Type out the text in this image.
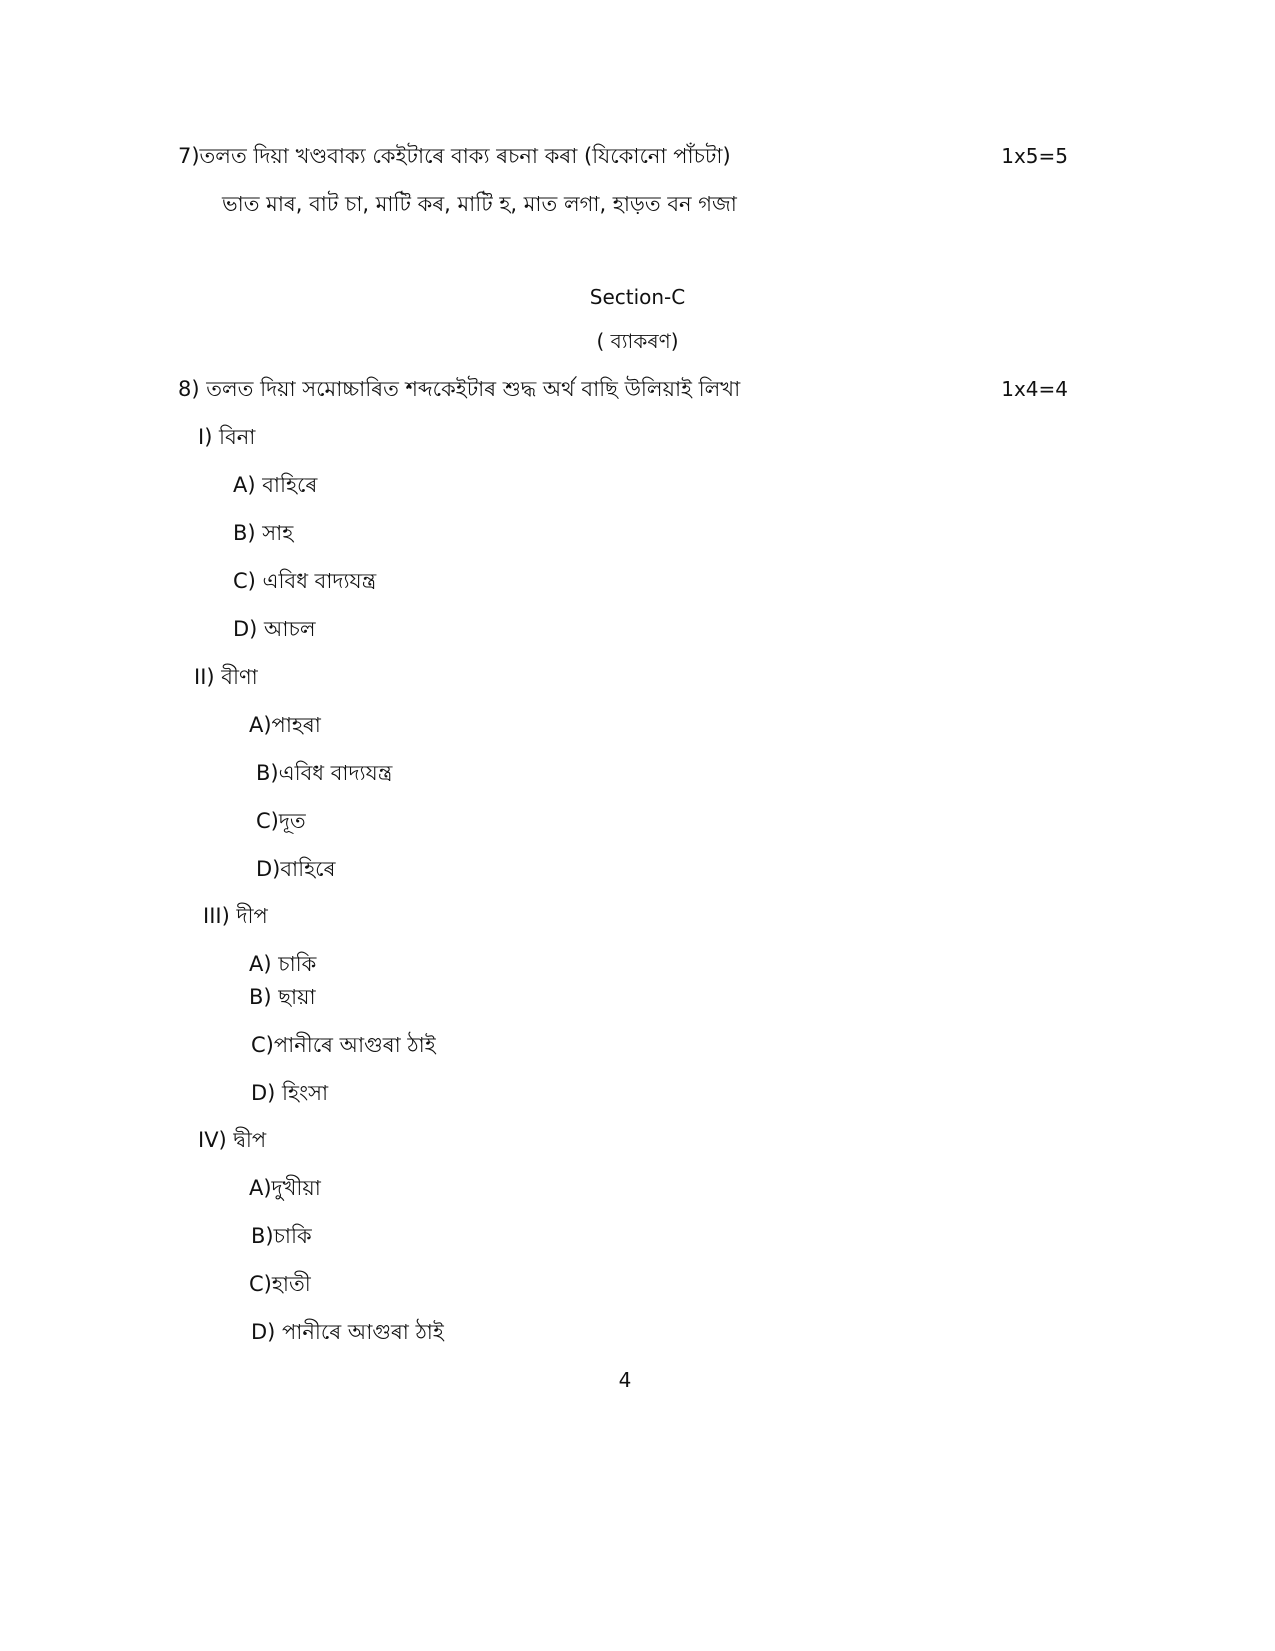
7)তলত দিয়া খণ্ডবাক্য কেইটাৰে বাক্য ৰচনা কৰা (যিকোনো পাঁচটা)	1x5=5
ভাত মাৰ, বাট চা, মাটি কৰ, মাটি হ, মাত লগা, হাড়ত বন গজা
Section-C
( ব্যাকৰণ)
8) তলত দিয়া সমোচ্চাৰিত শব্দকেইটাৰ শুদ্ধ অৰ্থ বাছি উলিয়াই লিখা	1x4=4
I) বিনা
A) বাহিৰে
B) সাহ
C) এবিধ বাদ্যযন্ত্ৰ
D) আচল
II) বীণা
A)পাহৰা
B)এবিধ বাদ্যযন্ত্ৰ
C)দূত
D)বাহিৰে
III) দীপ
A) চাকি
B) ছায়া
C)পানীৰে আগুৰা ঠাই
D) হিংসা
IV) দ্বীপ
A)দুখীয়া
B)চাকি
C)হাতী
D) পানীৰে আগুৰা ঠাই
4
